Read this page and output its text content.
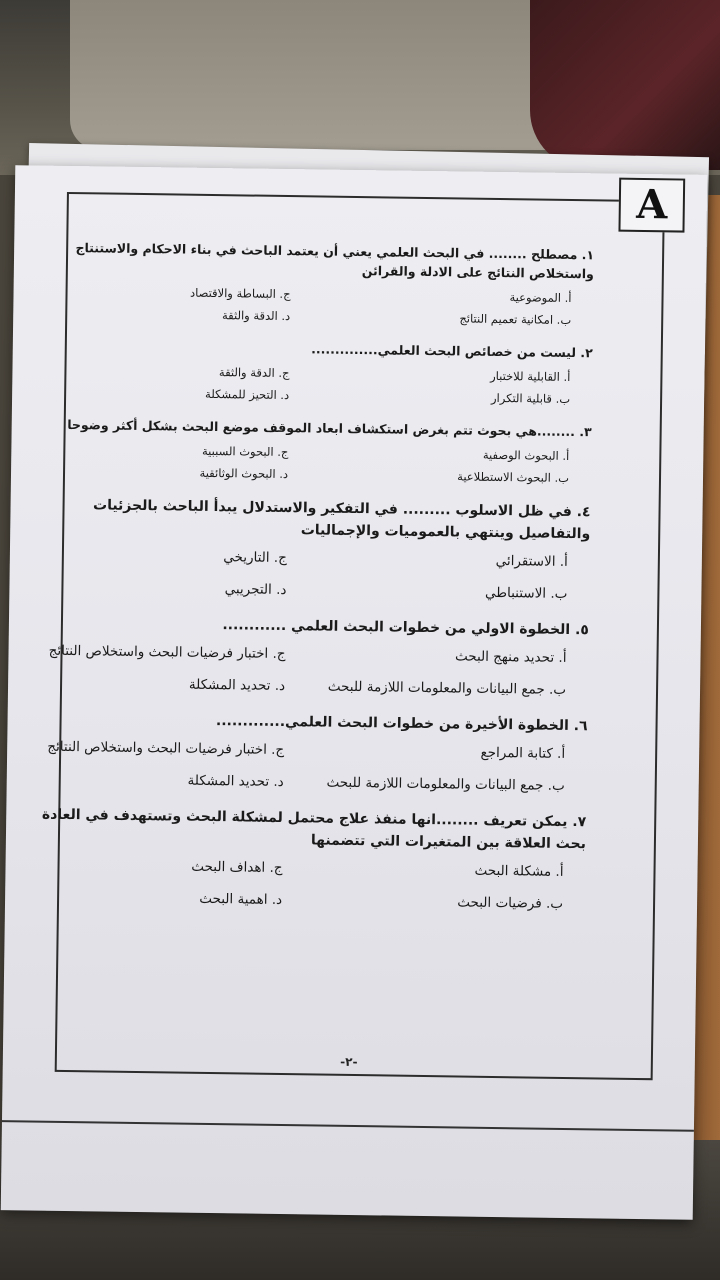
A
١. مصطلح ........ في البحث العلمي يعني أن يعتمد الباحث في بناء الاحكام والاستنتاج واستخلاص النتائج على الادلة والقرائن
أ. الموضوعية
ج. البساطة والاقتصاد
ب. امكانية تعميم النتائج
د. الدقة والثقة
٢. ليست من خصائص البحث العلمي..............
أ. القابلية للاختبار
ج. الدقة والثقة
ب. قابلية التكرار
د. التحيز للمشكلة
٣. ........هي بحوث تتم بغرض استكشاف ابعاد الموقف موضع البحث بشكل أكثر وضوحا
أ. البحوث الوصفية
ج. البحوث السببية
ب. البحوث الاستطلاعية
د. البحوث الوثائقية
٤. في ظل الاسلوب ......... في التفكير والاستدلال يبدأ الباحث بالجزئيات والتفاصيل وينتهي بالعموميات والإجماليات
أ. الاستقرائي
ج. التاريخي
ب. الاستنباطي
د. التجريبي
٥. الخطوة الاولي من خطوات البحث العلمي ............
أ. تحديد منهج البحث
ج. اختبار فرضيات البحث واستخلاص النتائج
ب. جمع البيانات والمعلومات اللازمة للبحث
د. تحديد المشكلة
٦. الخطوة الأخيرة من خطوات البحث العلمي.............
أ. كتابة المراجع
ج. اختبار فرضيات البحث واستخلاص النتائج
ب. جمع البيانات والمعلومات اللازمة للبحث
د. تحديد المشكلة
٧. يمكن تعريف ........انها منفذ علاج محتمل لمشكلة البحث وتستهدف في العادة بحث العلاقة بين المتغيرات التي تتضمنها
أ. مشكلة البحث
ج. اهداف البحث
ب. فرضيات البحث
د. اهمية البحث
-٢-
